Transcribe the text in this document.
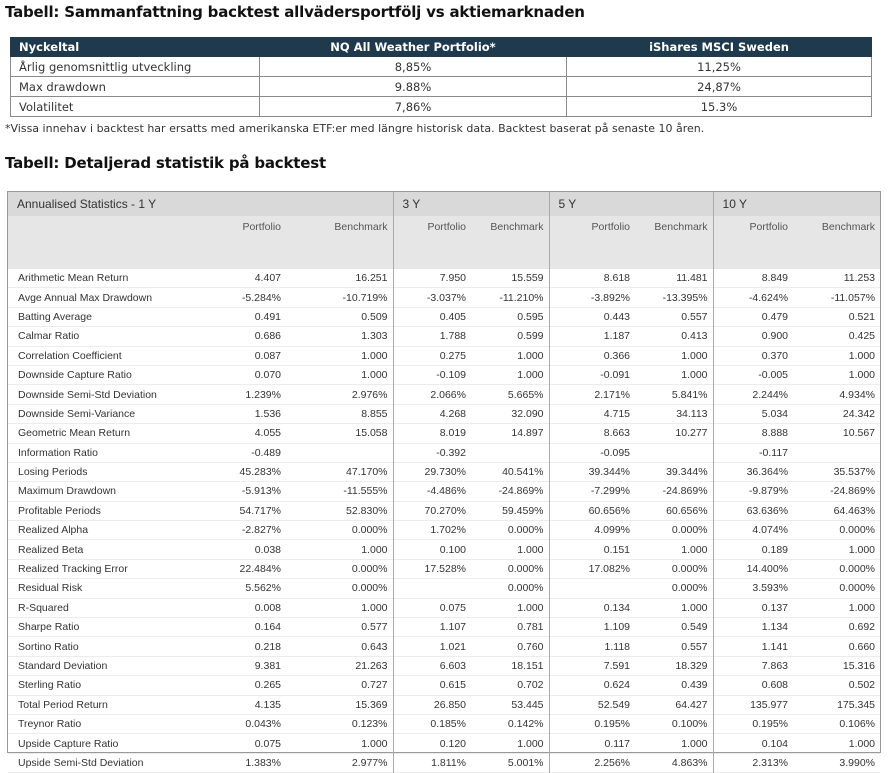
Tabell: Sammanfattning backtest allvädersportfölj vs aktiemarknaden
Nyckeltal	NQ All Weather Portfolio*	iShares MSCI Sweden
Årlig genomsnittlig utveckling	8,85%	11,25%
Max drawdown	9.88%	24,87%
Volatilitet	7,86%	15.3%
*Vissa innehav i backtest har ersatts med amerikanska ETF:er med längre historisk data. Backtest baserat på senaste 10 åren.
Tabell: Detaljerad statistik på backtest
Annualised Statistics - 1 Y			3 Y		5 Y		10 Y	
	Portfolio	Benchmark	Portfolio	Benchmark	Portfolio	Benchmark	Portfolio	Benchmark
Arithmetic Mean Return	4.407	16.251	7.950	15.559	8.618	11.481	8.849	11.253
Avge Annual Max Drawdown	-5.284%	-10.719%	-3.037%	-11.210%	-3.892%	-13.395%	-4.624%	-11.057%
Batting Average	0.491	0.509	0.405	0.595	0.443	0.557	0.479	0.521
Calmar Ratio	0.686	1.303	1.788	0.599	1.187	0.413	0.900	0.425
Correlation Coefficient	0.087	1.000	0.275	1.000	0.366	1.000	0.370	1.000
Downside Capture Ratio	0.070	1.000	-0.109	1.000	-0.091	1.000	-0.005	1.000
Downside Semi-Std Deviation	1.239%	2.976%	2.066%	5.665%	2.171%	5.841%	2.244%	4.934%
Downside Semi-Variance	1.536	8.855	4.268	32.090	4.715	34.113	5.034	24.342
Geometric Mean Return	4.055	15.058	8.019	14.897	8.663	10.277	8.888	10.567
Information Ratio	-0.489		-0.392		-0.095		-0.117	
Losing Periods	45.283%	47.170%	29.730%	40.541%	39.344%	39.344%	36.364%	35.537%
Maximum Drawdown	-5.913%	-11.555%	-4.486%	-24.869%	-7.299%	-24.869%	-9.879%	-24.869%
Profitable Periods	54.717%	52.830%	70.270%	59.459%	60.656%	60.656%	63.636%	64.463%
Realized Alpha	-2.827%	0.000%	1.702%	0.000%	4.099%	0.000%	4.074%	0.000%
Realized Beta	0.038	1.000	0.100	1.000	0.151	1.000	0.189	1.000
Realized Tracking Error	22.484%	0.000%	17.528%	0.000%	17.082%	0.000%	14.400%	0.000%
Residual Risk	5.562%	0.000%		0.000%		0.000%	3.593%	0.000%
R-Squared	0.008	1.000	0.075	1.000	0.134	1.000	0.137	1.000
Sharpe Ratio	0.164	0.577	1.107	0.781	1.109	0.549	1.134	0.692
Sortino Ratio	0.218	0.643	1.021	0.760	1.118	0.557	1.141	0.660
Standard Deviation	9.381	21.263	6.603	18.151	7.591	18.329	7.863	15.316
Sterling Ratio	0.265	0.727	0.615	0.702	0.624	0.439	0.608	0.502
Total Period Return	4.135	15.369	26.850	53.445	52.549	64.427	135.977	175.345
Treynor Ratio	0.043%	0.123%	0.185%	0.142%	0.195%	0.100%	0.195%	0.106%
Upside Capture Ratio	0.075	1.000	0.120	1.000	0.117	1.000	0.104	1.000
Upside Semi-Std Deviation	1.383%	2.977%	1.811%	5.001%	2.256%	4.863%	2.313%	3.990%
